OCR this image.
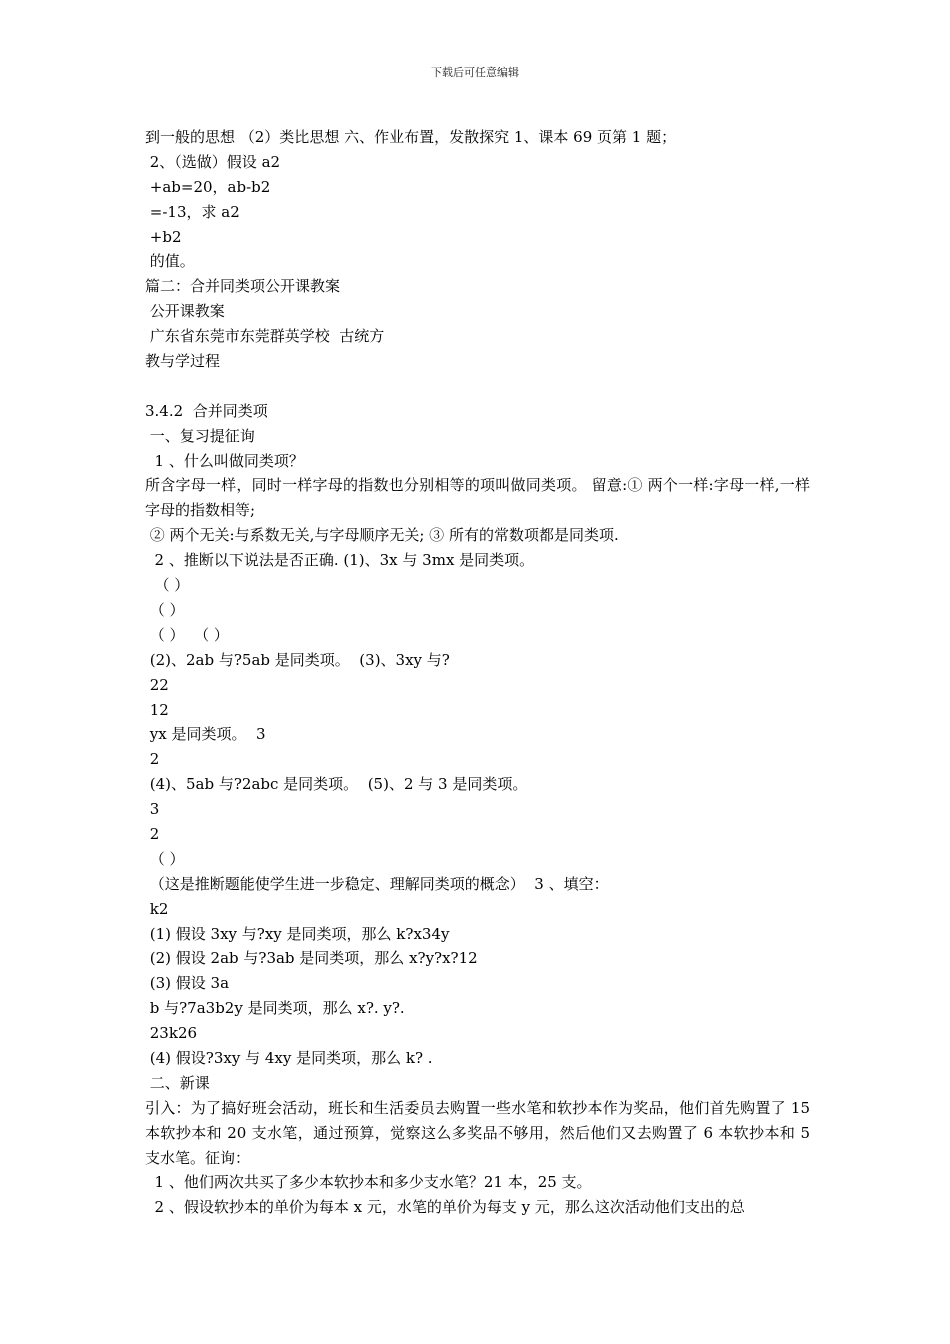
下载后可任意编辑
到一般的思想 （2）类比思想 六、作业布置，发散探究 1、课本 69 页第 1 题；
2、（选做）假设 a2
+ab=20，ab-b2
=-13，求 a2
+b2
的值。
篇二：合并同类项公开课教案
公开课教案
广东省东莞市东莞群英学校  古统方
教与学过程
3.4.2  合并同类项
一、复习提征询
1 、什么叫做同类项？
所含字母一样，同时一样字母的指数也分别相等的项叫做同类项。 留意:① 两个一样:字母一样,一样字母的指数相等;
② 两个无关:与系数无关,与字母顺序无关; ③ 所有的常数项都是同类项.
2 、推断以下说法是否正确. (1)、3x 与 3mx 是同类项。
（ ）
（ ）
（ ）  （ ）
(2)、2ab 与?5ab 是同类项。  (3)、3xy 与?
22
12
yx 是同类项。  3
2
(4)、5ab 与?2abc 是同类项。  (5)、2 与 3 是同类项。
3
2
（ ）
（这是推断题能使学生进一步稳定、理解同类项的概念）  3 、填空：
k2
(1) 假设 3xy 与?xy 是同类项，那么 k?x34y
(2) 假设 2ab 与?3ab 是同类项，那么 x?y?x?12
(3) 假设 3a
b 与?7a3b2y 是同类项，那么 x?. y?.
23k26
(4) 假设?3xy 与 4xy 是同类项，那么 k? .
二、新课
引入：为了搞好班会活动，班长和生活委员去购置一些水笔和软抄本作为奖品，他们首先购置了 15 本软抄本和 20 支水笔，通过预算，觉察这么多奖品不够用，然后他们又去购置了 6 本软抄本和 5 支水笔。征询：
1 、他们两次共买了多少本软抄本和多少支水笔？21 本，25 支。
2 、假设软抄本的单价为每本 x 元，水笔的单价为每支 y 元，那么这次活动他们支出的总
